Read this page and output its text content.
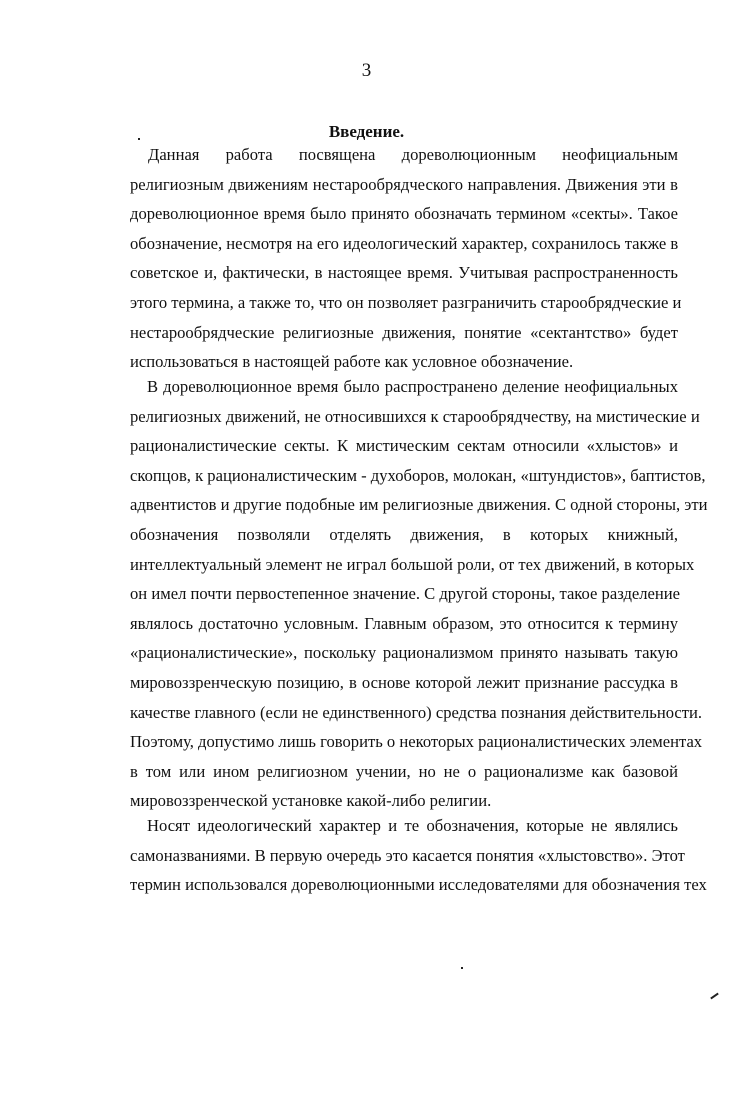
3
Введение.
Данная работа посвящена дореволюционным неофициальным
религиозным движениям нестарообрядческого направления. Движения эти в
дореволюционное время было принято обозначать термином «секты». Такое
обозначение, несмотря на его идеологический характер, сохранилось также в
советское и, фактически, в настоящее время. Учитывая распространенность
этого термина, а также то, что он позволяет разграничить старообрядческие и
нестарообрядческие религиозные движения, понятие «сектантство» будет
использоваться в настоящей работе как условное обозначение.
В дореволюционное время было распространено деление неофициальных
религиозных движений, не относившихся к старообрядчеству, на мистические и
рационалистические секты. К мистическим сектам относили «хлыстов» и
скопцов, к рационалистическим - духоборов, молокан, «штундистов», баптистов,
адвентистов и другие подобные им религиозные движения. С одной стороны, эти
обозначения позволяли отделять движения, в которых книжный,
интеллектуальный элемент не играл большой роли, от тех движений, в которых
он имел почти первостепенное значение. С другой стороны, такое разделение
являлось достаточно условным. Главным образом, это относится к термину
«рационалистические», поскольку рационализмом принято называть такую
мировоззренческую позицию, в основе которой лежит признание рассудка в
качестве главного (если не единственного) средства познания действительности.
Поэтому, допустимо лишь говорить о некоторых рационалистических элементах
в том или ином религиозном учении, но не о рационализме как базовой
мировоззренческой установке какой-либо религии.
Носят идеологический характер и те обозначения, которые не являлись
самоназваниями. В первую очередь это касается понятия «хлыстовство». Этот
термин использовался дореволюционными исследователями для обозначения тех
